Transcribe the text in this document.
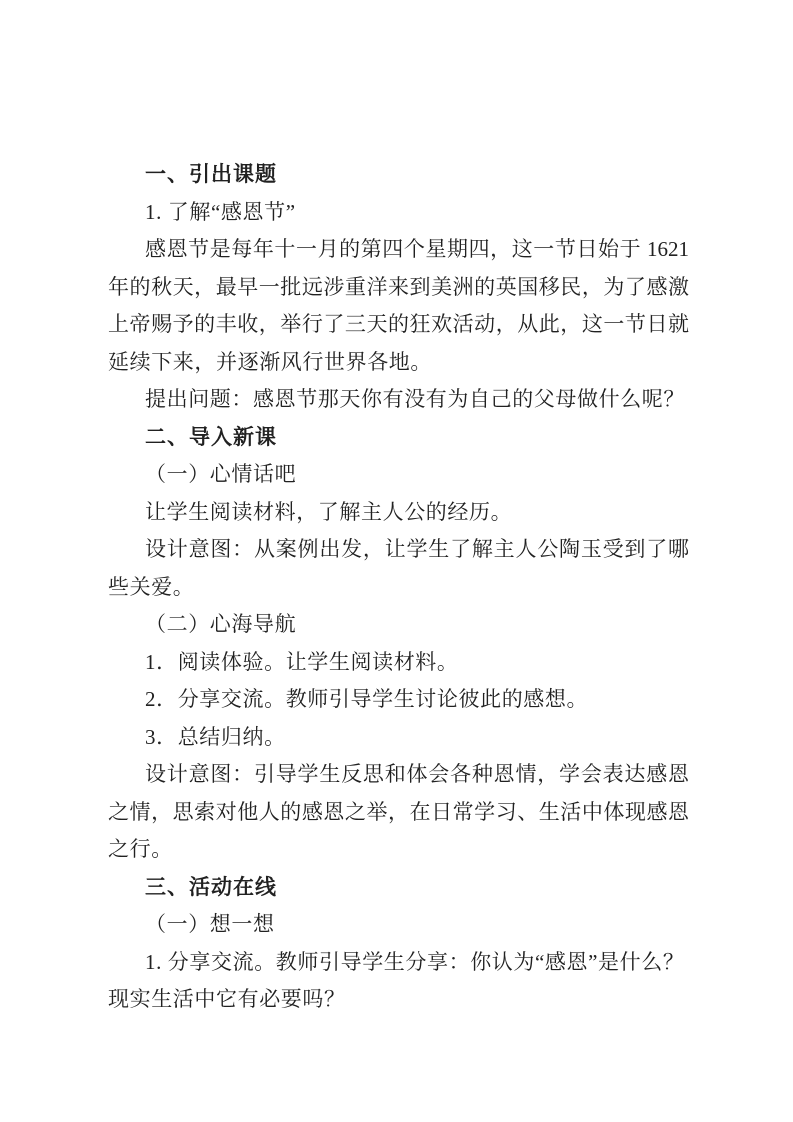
一、引出课题
1. 了解“感恩节”
感恩节是每年十一月的第四个星期四，这一节日始于 1621
年的秋天，最早一批远涉重洋来到美洲的英国移民，为了感激
上帝赐予的丰收，举行了三天的狂欢活动，从此，这一节日就
延续下来，并逐渐风行世界各地。
提出问题：感恩节那天你有没有为自己的父母做什么呢？
二、导入新课
（一）心情话吧
让学生阅读材料，了解主人公的经历。
设计意图：从案例出发，让学生了解主人公陶玉受到了哪
些关爱。
（二）心海导航
1．阅读体验。让学生阅读材料。
2．分享交流。教师引导学生讨论彼此的感想。
3．总结归纳。
设计意图：引导学生反思和体会各种恩情，学会表达感恩
之情，思索对他人的感恩之举，在日常学习、生活中体现感恩
之行。
三、活动在线
（一）想一想
1. 分享交流。教师引导学生分享：你认为“感恩”是什么？
现实生活中它有必要吗？
